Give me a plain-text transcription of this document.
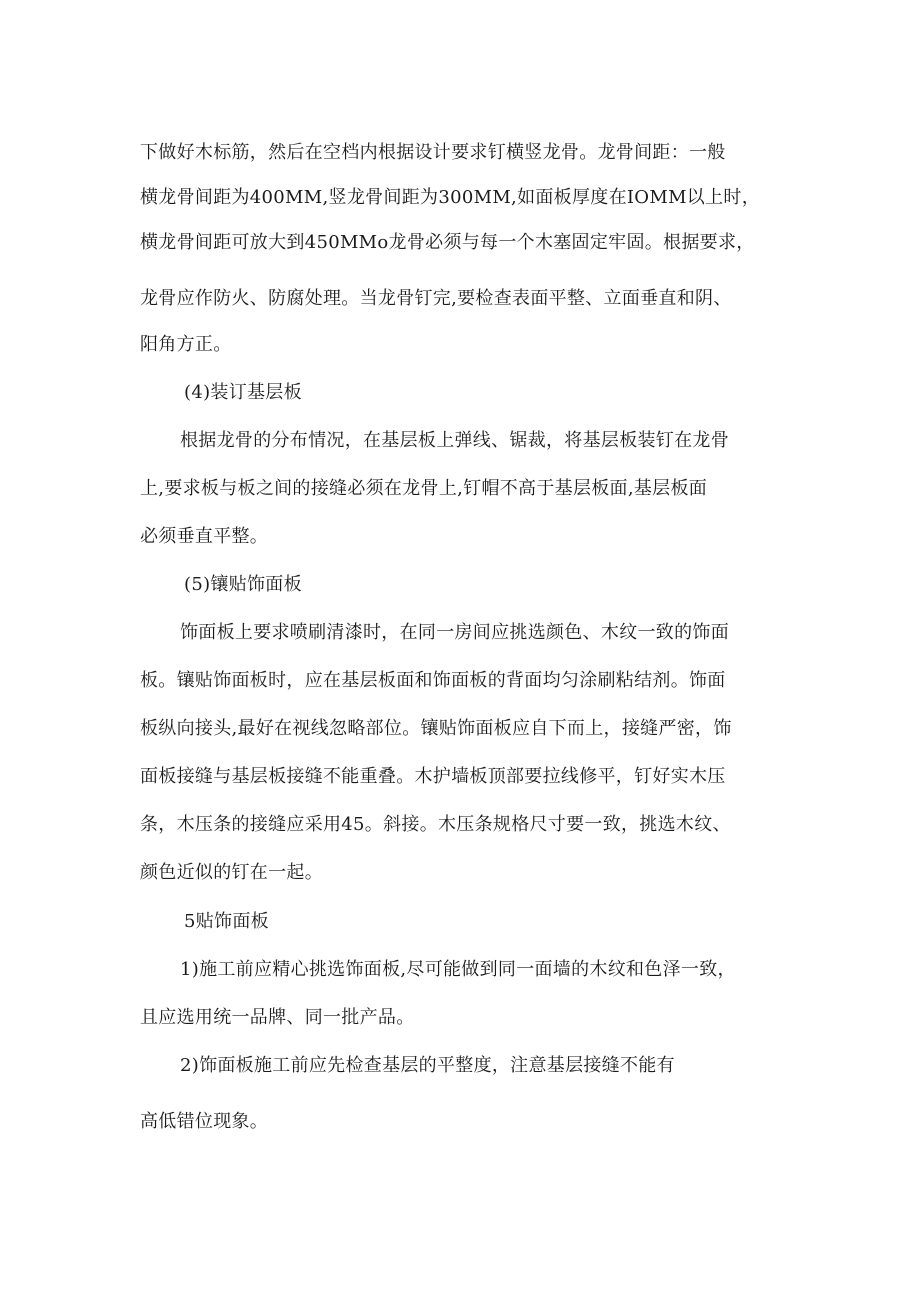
下做好木标筋，然后在空档内根据设计要求钉横竖龙骨。龙骨间距：一般
横龙骨间距为400MM,竖龙骨间距为300MM,如面板厚度在IOMM以上时，
横龙骨间距可放大到450MMo龙骨必须与每一个木塞固定牢固。根据要求，
龙骨应作防火、防腐处理。当龙骨钉完,要检查表面平整、立面垂直和阴、
阳角方正。
(4)装订基层板
根据龙骨的分布情况，在基层板上弹线、锯裁，将基层板装钉在龙骨
上,要求板与板之间的接缝必须在龙骨上,钉帽不高于基层板面,基层板面
必须垂直平整。
(5)镶贴饰面板
饰面板上要求喷刷清漆时，在同一房间应挑选颜色、木纹一致的饰面
板。镶贴饰面板时，应在基层板面和饰面板的背面均匀涂刷粘结剂。饰面
板纵向接头,最好在视线忽略部位。镶贴饰面板应自下而上，接缝严密，饰
面板接缝与基层板接缝不能重叠。木护墙板顶部要拉线修平，钉好实木压
条，木压条的接缝应采用45。斜接。木压条规格尺寸要一致，挑选木纹、
颜色近似的钉在一起。
5贴饰面板
1)施工前应精心挑选饰面板,尽可能做到同一面墙的木纹和色泽一致，
且应选用统一品牌、同一批产品。
2)饰面板施工前应先检查基层的平整度，注意基层接缝不能有
高低错位现象。
